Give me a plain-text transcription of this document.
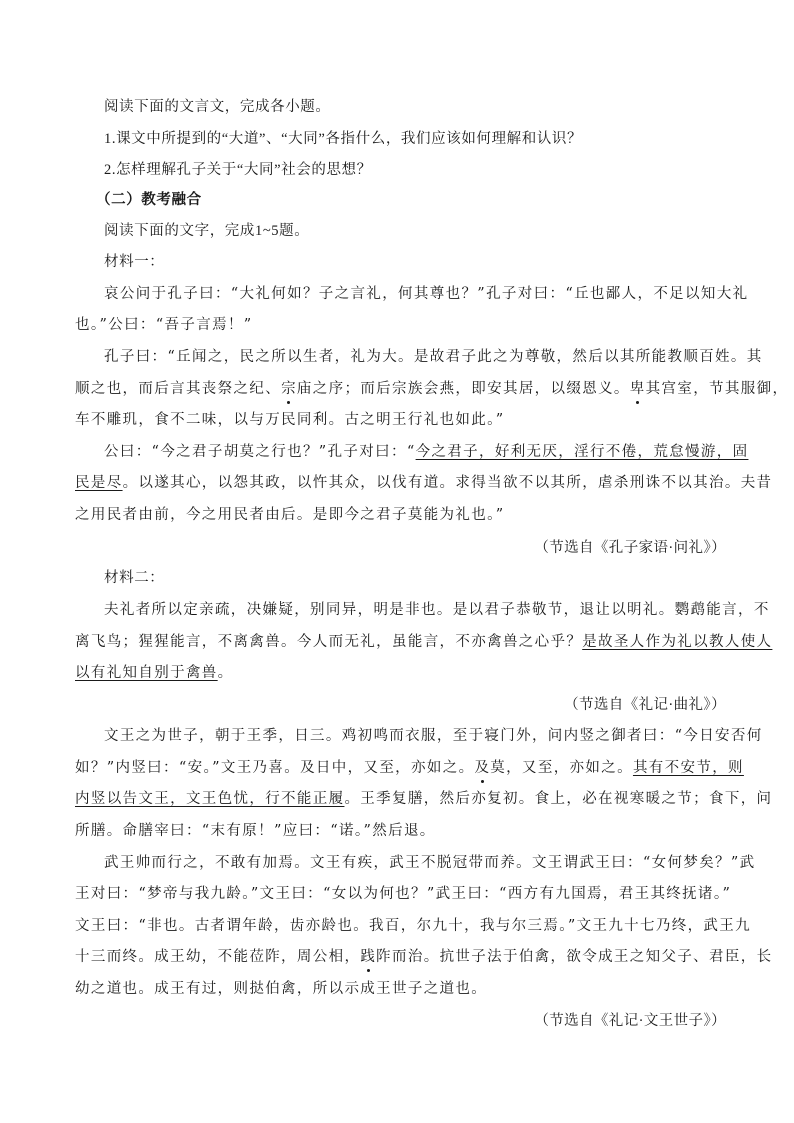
阅读下面的文言文，完成各小题。
1.课文中所提到的“大道”、“大同”各指什么，我们应该如何理解和认识？
2.怎样理解孔子关于“大同”社会的思想？
（二）教考融合
阅读下面的文字，完成1~5题。
材料一：
哀公问于孔子曰：“大礼何如？子之言礼，何其尊也？”孔子对曰：“丘也鄙人，不足以知大礼
也。”公曰：“吾子言焉！”
孔子曰：“丘闻之，民之所以生者，礼为大。是故君子此之为尊敬，然后以其所能教顺百姓。其
顺之也，而后言其丧祭之纪、宗庙之序；而后宗族会燕，即安其居，以缀恩义。卑其宫室，节其服御，
车不雕玑，食不二味，以与万民同利。古之明王行礼也如此。”
公曰：“今之君子胡莫之行也？”孔子对曰：“今之君子，好利无厌，淫行不倦，荒怠慢游，固
民是尽。以遂其心，以怨其政，以忤其众，以伐有道。求得当欲不以其所，虐杀刑诛不以其治。夫昔
之用民者由前，今之用民者由后。是即今之君子莫能为礼也。”
（节选自《孔子家语·问礼》）
材料二：
夫礼者所以定亲疏，决嫌疑，别同异，明是非也。是以君子恭敬节，退让以明礼。鹦鹉能言，不
离飞鸟；猩猩能言，不离禽兽。今人而无礼，虽能言，不亦禽兽之心乎？是故圣人作为礼以教人使人
以有礼知自别于禽兽。
（节选自《礼记·曲礼》）
文王之为世子，朝于王季，日三。鸡初鸣而衣服，至于寝门外，问内竖之御者曰：“今日安否何
如？”内竖曰：“安。”文王乃喜。及日中，又至，亦如之。及莫，又至，亦如之。其有不安节，则
内竖以告文王，文王色忧，行不能正履。王季复膳，然后亦复初。食上，必在视寒暖之节；食下，问
所膳。命膳宰曰：“末有原！”应曰：“诺。”然后退。
武王帅而行之，不敢有加焉。文王有疾，武王不脱冠带而养。文王谓武王曰：“女何梦矣？”武
王对曰：“梦帝与我九龄。”文王曰：“女以为何也？”武王曰：“西方有九国焉，君王其终抚诸。”
文王曰：“非也。古者谓年龄，齿亦龄也。我百，尔九十，我与尔三焉。”文王九十七乃终，武王九
十三而终。成王幼，不能莅阼，周公相，践阼而治。抗世子法于伯禽，欲令成王之知父子、君臣，长
幼之道也。成王有过，则挞伯禽，所以示成王世子之道也。
（节选自《礼记·文王世子》）
